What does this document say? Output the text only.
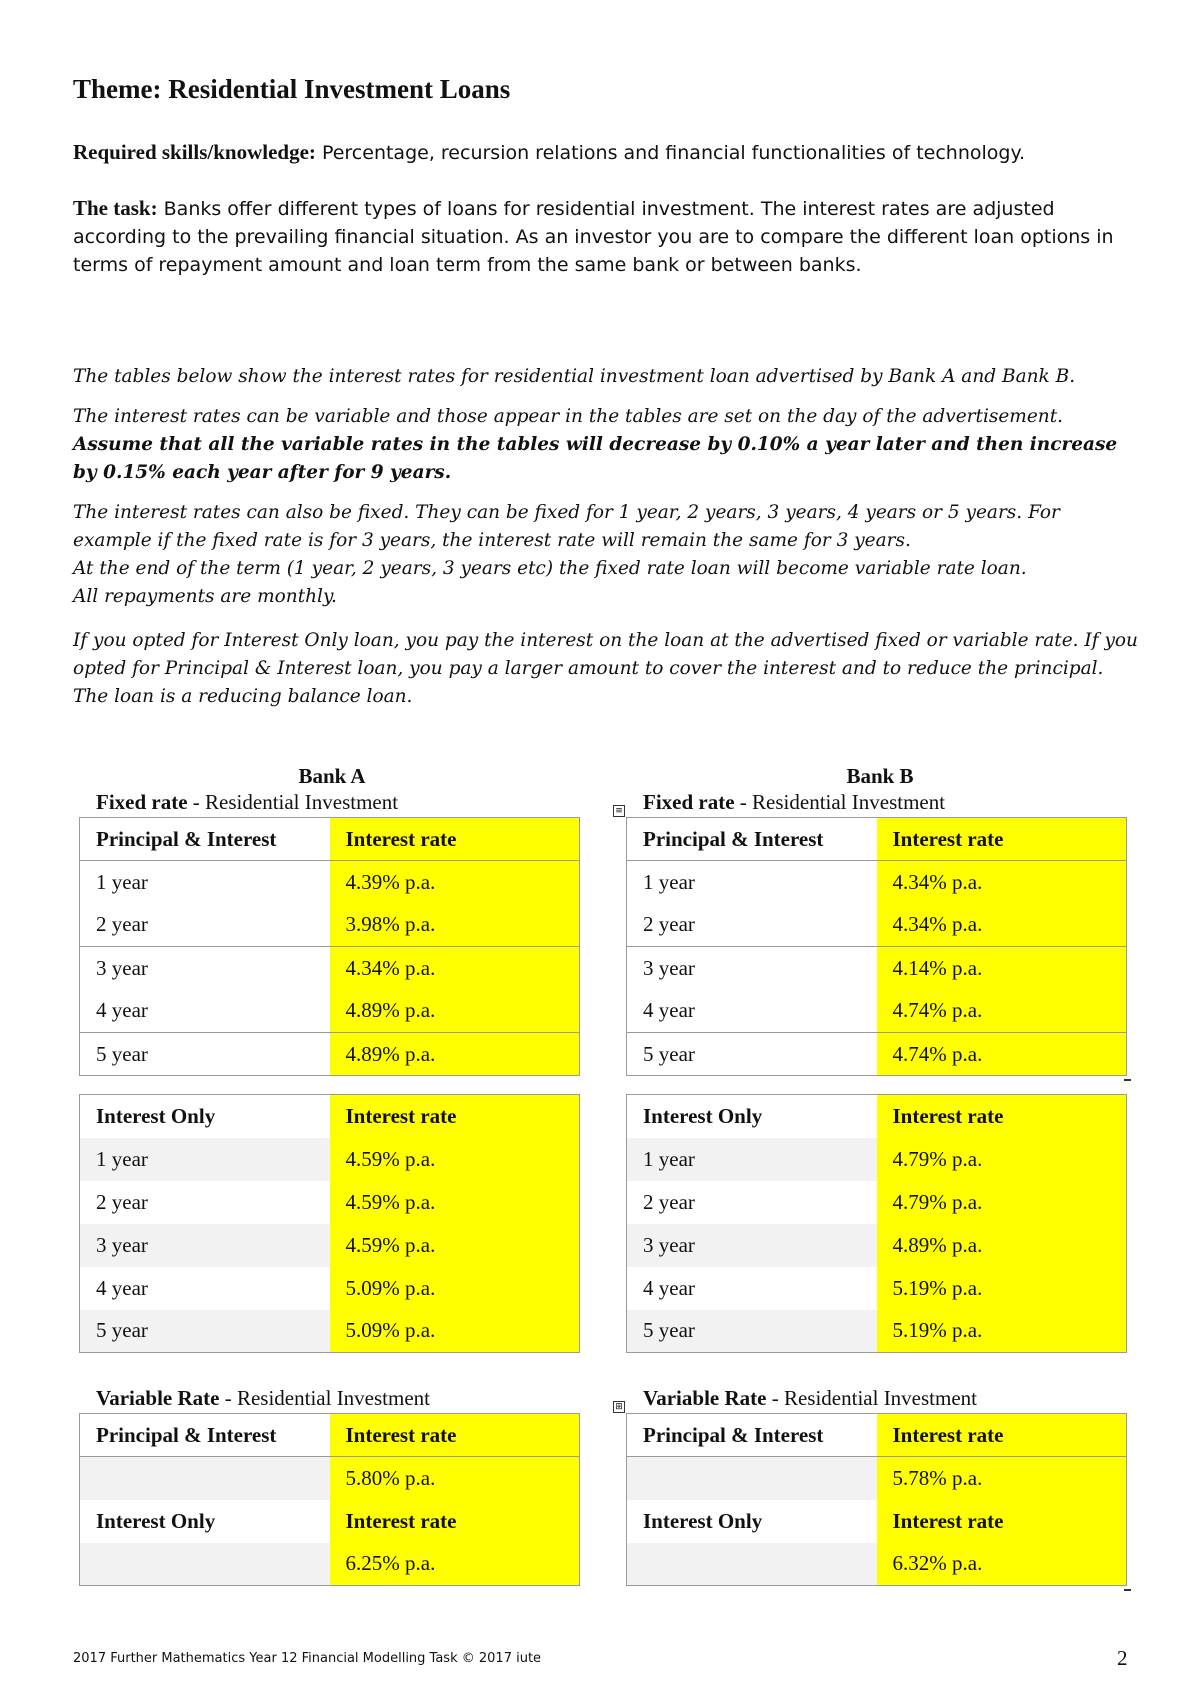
Theme: Residential Investment Loans

Required skills/knowledge: Percentage, recursion relations and financial functionalities of technology.

The task: Banks offer different types of loans for residential investment. The interest rates are adjusted according to the prevailing financial situation. As an investor you are to compare the different loan options in terms of repayment amount and loan term from the same bank or between banks.

The tables below show the interest rates for residential investment loan advertised by Bank A and Bank B.

The interest rates can be variable and those appear in the tables are set on the day of the advertisement.
Assume that all the variable rates in the tables will decrease by 0.10% a year later and then increase by 0.15% each year after for 9 years.

The interest rates can also be fixed. They can be fixed for 1 year, 2 years, 3 years, 4 years or 5 years. For example if the fixed rate is for 3 years, the interest rate will remain the same for 3 years.
At the end of the term (1 year, 2 years, 3 years etc) the fixed rate loan will become variable rate loan.
All repayments are monthly.

If you opted for Interest Only loan, you pay the interest on the loan at the advertised fixed or variable rate. If you opted for Principal & Interest loan, you pay a larger amount to cover the interest and to reduce the principal. The loan is a reducing balance loan.

Bank A
Fixed rate - Residential Investment
Principal & Interest	Interest rate
1 year	4.39% p.a.
2 year	3.98% p.a.
3 year	4.34% p.a.
4 year	4.89% p.a.
5 year	4.89% p.a.
Interest Only	Interest rate
1 year	4.59% p.a.
2 year	4.59% p.a.
3 year	4.59% p.a.
4 year	5.09% p.a.
5 year	5.09% p.a.
Variable Rate - Residential Investment
Principal & Interest	Interest rate
	5.80% p.a.
Interest Only	Interest rate
	6.25% p.a.
Bank B
≡ Fixed rate - Residential Investment
Principal & Interest	Interest rate
1 year	4.34% p.a.
2 year	4.34% p.a.
3 year	4.14% p.a.
4 year	4.74% p.a.
5 year	4.74% p.a.
Interest Only	Interest rate
1 year	4.79% p.a.
2 year	4.79% p.a.
3 year	4.89% p.a.
4 year	5.19% p.a.
5 year	5.19% p.a.
⊞ Variable Rate - Residential Investment
Principal & Interest	Interest rate
	5.78% p.a.
Interest Only	Interest rate
	6.32% p.a.
2017 Further Mathematics Year 12 Financial Modelling Task © 2017 iute	2
